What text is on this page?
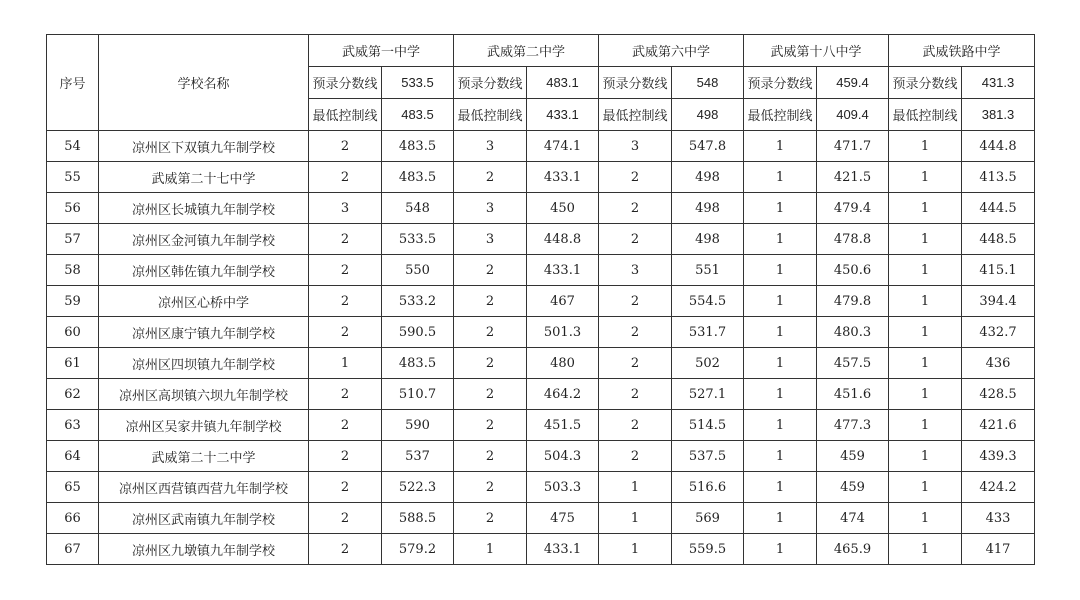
序号	学校名称	武威第一中学		武威第二中学		武威第六中学		武威第十八中学		武威铁路中学	
		预录分数线	533.5	预录分数线	483.1	预录分数线	548	预录分数线	459.4	预录分数线	431.3
		最低控制线	483.5	最低控制线	433.1	最低控制线	498	最低控制线	409.4	最低控制线	381.3
54	凉州区下双镇九年制学校	2	483.5	3	474.1	3	547.8	1	471.7	1	444.8
55	武威第二十七中学	2	483.5	2	433.1	2	498	1	421.5	1	413.5
56	凉州区长城镇九年制学校	3	548	3	450	2	498	1	479.4	1	444.5
57	凉州区金河镇九年制学校	2	533.5	3	448.8	2	498	1	478.8	1	448.5
58	凉州区韩佐镇九年制学校	2	550	2	433.1	3	551	1	450.6	1	415.1
59	凉州区心桥中学	2	533.2	2	467	2	554.5	1	479.8	1	394.4
60	凉州区康宁镇九年制学校	2	590.5	2	501.3	2	531.7	1	480.3	1	432.7
61	凉州区四坝镇九年制学校	1	483.5	2	480	2	502	1	457.5	1	436
62	凉州区高坝镇六坝九年制学校	2	510.7	2	464.2	2	527.1	1	451.6	1	428.5
63	凉州区吴家井镇九年制学校	2	590	2	451.5	2	514.5	1	477.3	1	421.6
64	武威第二十二中学	2	537	2	504.3	2	537.5	1	459	1	439.3
65	凉州区西营镇西营九年制学校	2	522.3	2	503.3	1	516.6	1	459	1	424.2
66	凉州区武南镇九年制学校	2	588.5	2	475	1	569	1	474	1	433
67	凉州区九墩镇九年制学校	2	579.2	1	433.1	1	559.5	1	465.9	1	417
